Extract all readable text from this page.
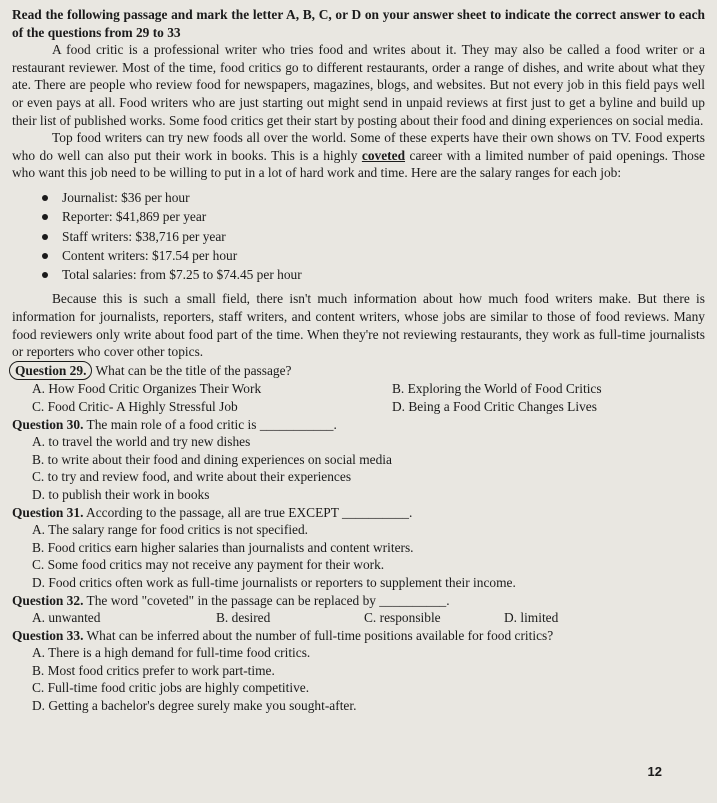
Read the following passage and mark the letter A, B, C, or D on your answer sheet to indicate the correct answer to each of the questions from 29 to 33

A food critic is a professional writer who tries food and writes about it. They may also be called a food writer or a restaurant reviewer. Most of the time, food critics go to different restaurants, order a range of dishes, and write about what they ate. There are people who review food for newspapers, magazines, blogs, and websites. But not every job in this field pays well or even pays at all. Food writers who are just starting out might send in unpaid reviews at first just to get a byline and build up their list of published works. Some food critics get their start by posting about their food and dining experiences on social media.

Top food writers can try new foods all over the world. Some of these experts have their own shows on TV. Food experts who do well can also put their work in books. This is a highly coveted career with a limited number of paid openings. Those who want this job need to be willing to put in a lot of hard work and time. Here are the salary ranges for each job:

Journalist: $36 per hour
Reporter: $41,869 per year
Staff writers: $38,716 per year
Content writers: $17.54 per hour
Total salaries: from $7.25 to $74.45 per hour

Because this is such a small field, there isn't much information about how much food writers make. But there is information for journalists, reporters, staff writers, and content writers, whose jobs are similar to those of food reviews. Many food reviewers only write about food part of the time. When they're not reviewing restaurants, they work as full-time journalists or reporters who cover other topics.

Question 29. What can be the title of the passage?

A. How Food Critic Organizes Their Work	B. Exploring the World of Food Critics
C. Food Critic- A Highly Stressful Job	D. Being a Food Critic Changes Lives

Question 30. The main role of a food critic is ___________.

A. to travel the world and try new dishes

B. to write about their food and dining experiences on social media

C. to try and review food, and write about their experiences

D. to publish their work in books

Question 31. According to the passage, all are true EXCEPT __________.

A. The salary range for food critics is not specified.

B. Food critics earn higher salaries than journalists and content writers.

C. Some food critics may not receive any payment for their work.

D. Food critics often work as full-time journalists or reporters to supplement their income.

Question 32. The word "coveted" in the passage can be replaced by __________.

A. unwanted	B. desired	C. responsible	D. limited

Question 33. What can be inferred about the number of full-time positions available for food critics?

A. There is a high demand for full-time food critics.

B. Most food critics prefer to work part-time.

C. Full-time food critic jobs are highly competitive.

D. Getting a bachelor's degree surely make you sought-after.

12
